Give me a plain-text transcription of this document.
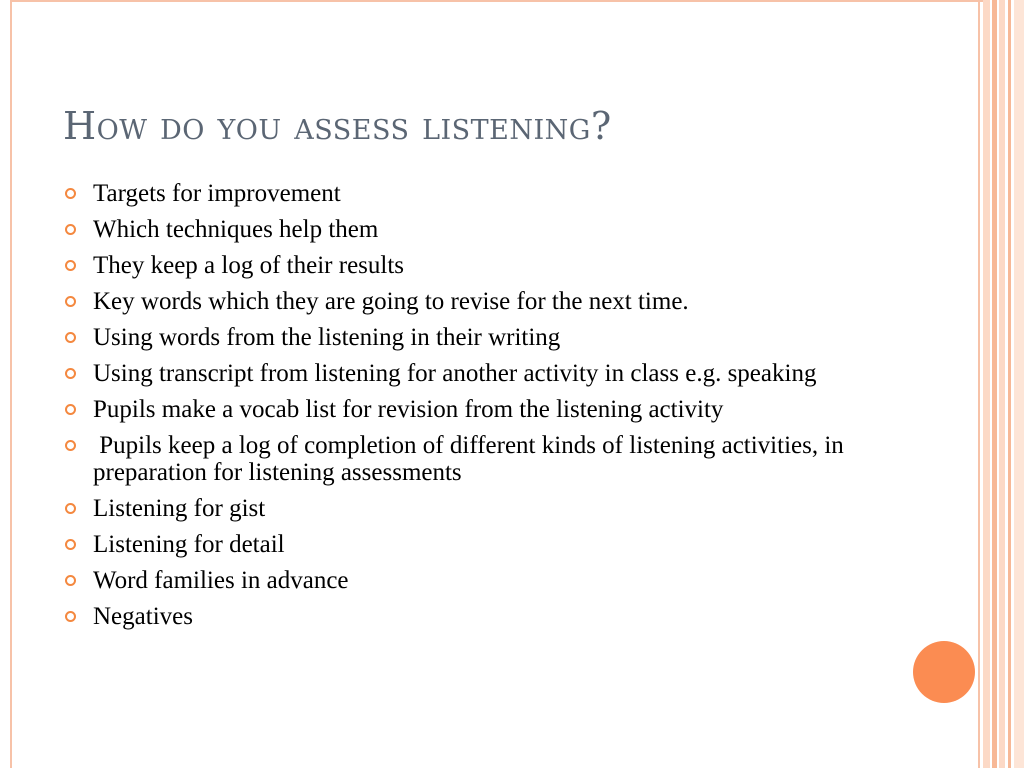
How do you assess listening?
Targets for improvement
Which techniques help them
They keep a log of their results
Key words which they are going to revise for the next time.
Using words from the listening in their writing
Using transcript from listening for another activity in class e.g. speaking
Pupils make a vocab list for revision from the listening activity
Pupils keep a log of completion of different kinds of listening activities, in preparation for listening assessments
Listening for gist
Listening for detail
Word families in advance
Negatives
